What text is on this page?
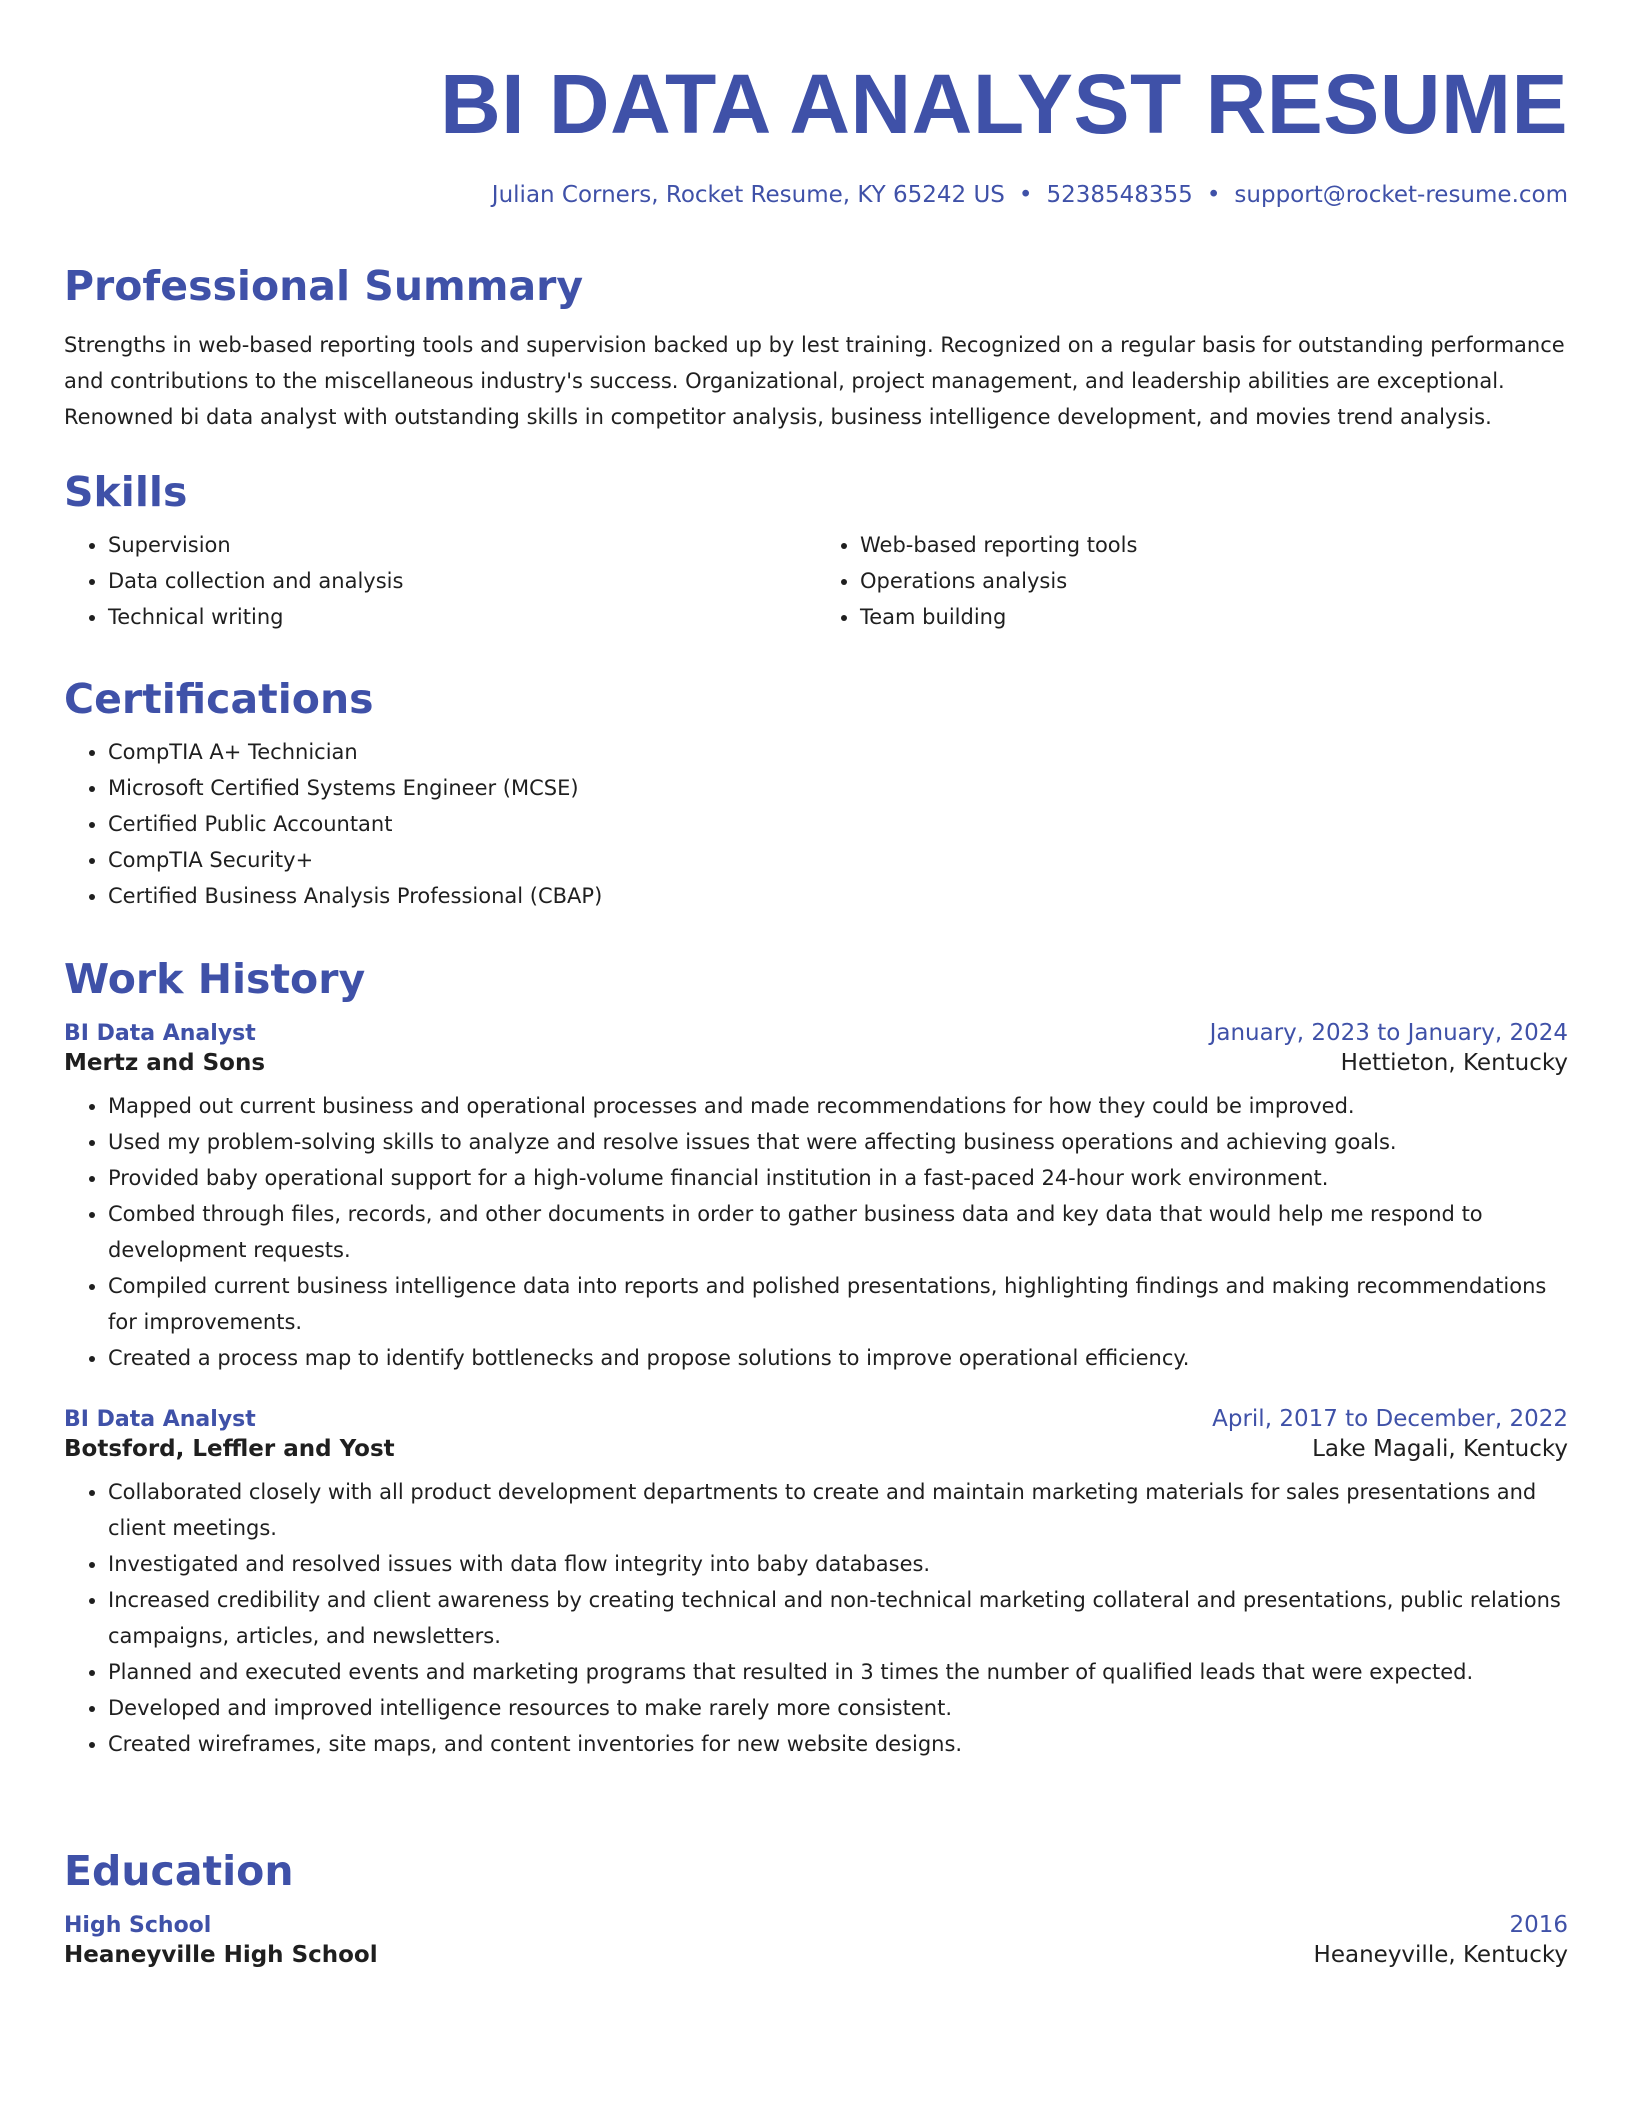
BI DATA ANALYST RESUME
Julian Corners, Rocket Resume, KY 65242 US • 5238548355 • support@rocket-resume.com
Professional Summary

Strengths in web-based reporting tools and supervision backed up by lest training. Recognized on a regular basis for outstanding performance and contributions to the miscellaneous industry's success. Organizational, project management, and leadership abilities are exceptional. Renowned bi data analyst with outstanding skills in competitor analysis, business intelligence development, and movies trend analysis.

Skills
• Supervision
• Data collection and analysis
• Technical writing
• Web-based reporting tools
• Operations analysis
• Team building
Certifications
• CompTIA A+ Technician
• Microsoft Certified Systems Engineer (MCSE)
• Certified Public Accountant
• CompTIA Security+
• Certified Business Analysis Professional (CBAP)
Work History
BI Data Analyst	January, 2023 to January, 2024
Mertz and Sons	Hettieton, Kentucky
• Mapped out current business and operational processes and made recommendations for how they could be improved.
• Used my problem-solving skills to analyze and resolve issues that were affecting business operations and achieving goals.
• Provided baby operational support for a high-volume financial institution in a fast-paced 24-hour work environment.
• Combed through files, records, and other documents in order to gather business data and key data that would help me respond to development requests.
• Compiled current business intelligence data into reports and polished presentations, highlighting findings and making recommendations for improvements.
• Created a process map to identify bottlenecks and propose solutions to improve operational efficiency.
BI Data Analyst	April, 2017 to December, 2022
Botsford, Leffler and Yost	Lake Magali, Kentucky
• Collaborated closely with all product development departments to create and maintain marketing materials for sales presentations and client meetings.
• Investigated and resolved issues with data flow integrity into baby databases.
• Increased credibility and client awareness by creating technical and non-technical marketing collateral and presentations, public relations campaigns, articles, and newsletters.
• Planned and executed events and marketing programs that resulted in 3 times the number of qualified leads that were expected.
• Developed and improved intelligence resources to make rarely more consistent.
• Created wireframes, site maps, and content inventories for new website designs.
Education
High School	2016
Heaneyville High School	Heaneyville, Kentucky
